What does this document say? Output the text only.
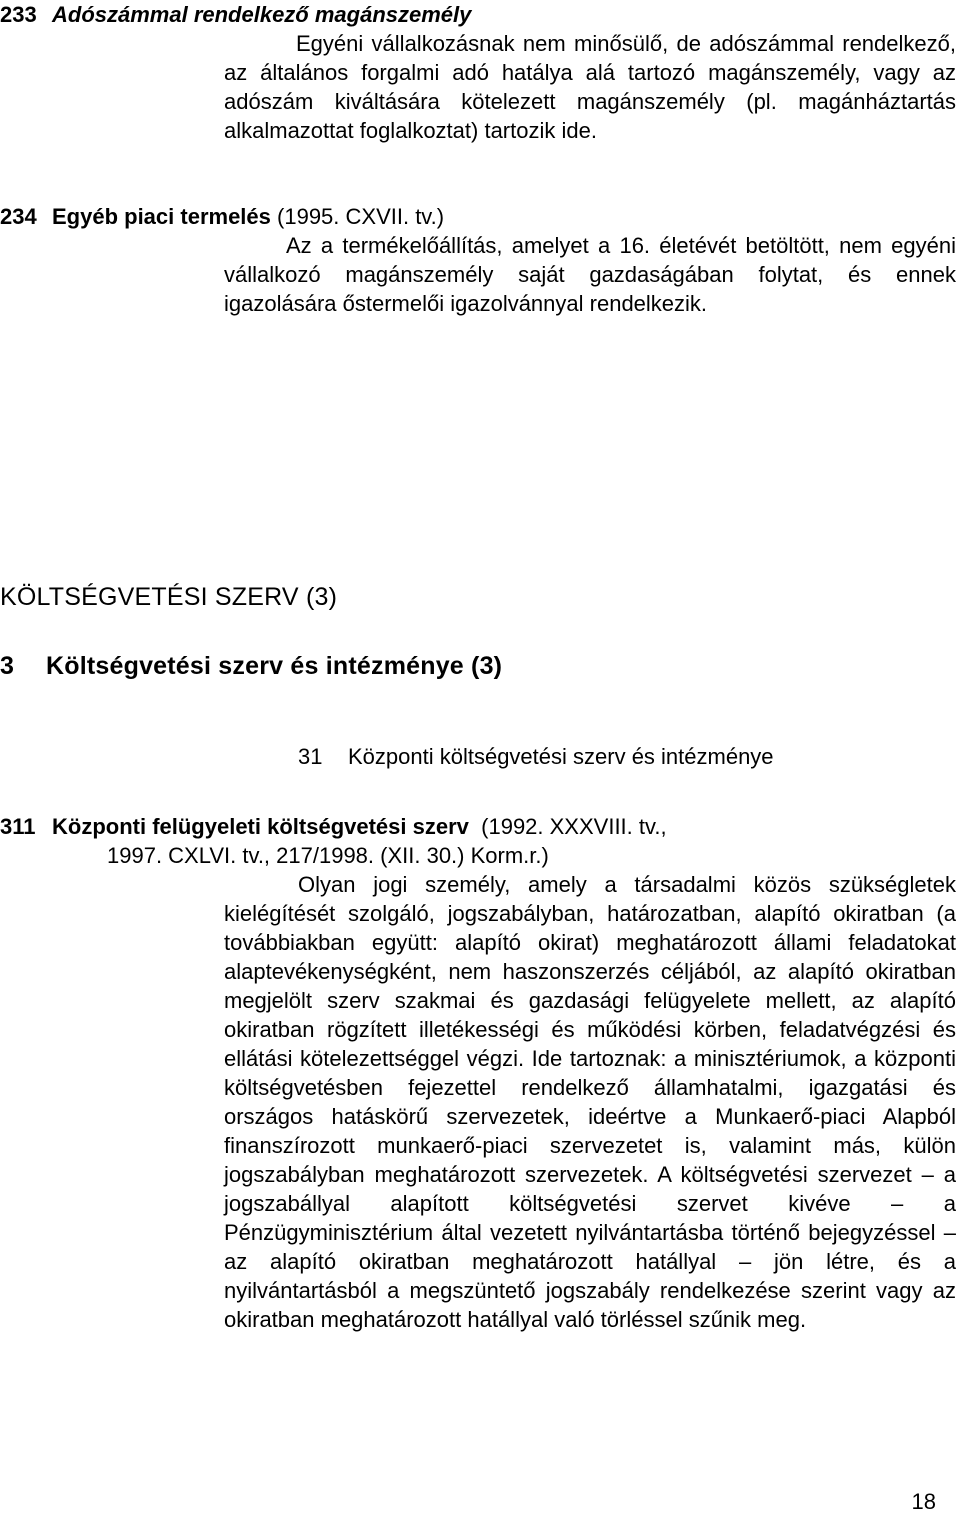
233 Adószámmal rendelkező magánszemély

Egyéni vállalkozásnak nem minősülő, de adószámmal rendelkező, az általános forgalmi adó hatálya alá tartozó magánszemély, vagy az adószám kiváltására kötelezett magánszemély (pl. magánháztartás alkalmazottat foglalkoztat) tartozik ide.

234 Egyéb piaci termelés (1995. CXVII. tv.)

Az a termékelőállítás, amelyet a 16. életévét betöltött, nem egyéni vállalkozó magánszemély saját gazdaságában folytat, és ennek igazolására őstermelői igazolvánnyal rendelkezik.

KÖLTSÉGVETÉSI SZERV (3)
3 Költségvetési szerv és intézménye (3)
31 Központi költségvetési szerv és intézménye
311 Központi felügyeleti költségvetési szerv (1992. XXXVIII. tv.,
1997. CXLVI. tv., 217/1998. (XII. 30.) Korm.r.)

Olyan jogi személy, amely a társadalmi közös szükségletek kielégítését szolgáló, jogszabályban, határozatban, alapító okiratban (a továbbiakban együtt: alapító okirat) meghatározott állami feladatokat alaptevékenységként, nem haszonszerzés céljából, az alapító okiratban megjelölt szerv szakmai és gazdasági felügyelete mellett, az alapító okiratban rögzített illetékességi és működési körben, feladatvégzési és ellátási kötelezettséggel végzi. Ide tartoznak: a minisztériumok, a központi költségvetésben fejezettel rendelkező államhatalmi, igazgatási és országos hatáskörű szervezetek, ideértve a Munkaerő-piaci Alapból finanszírozott munkaerő-piaci szervezetet is, valamint más, külön jogszabályban meghatározott szervezetek. A költségvetési szervezet – a jogszabállyal alapított költségvetési szervet kivéve – a Pénzügyminisztérium által vezetett nyilvántartásba történő bejegyzéssel – az alapító okiratban meghatározott hatállyal – jön létre, és a nyilvántartásból a megszüntető jogszabály rendelkezése szerint vagy az okiratban meghatározott hatállyal való törléssel szűnik meg.

18
